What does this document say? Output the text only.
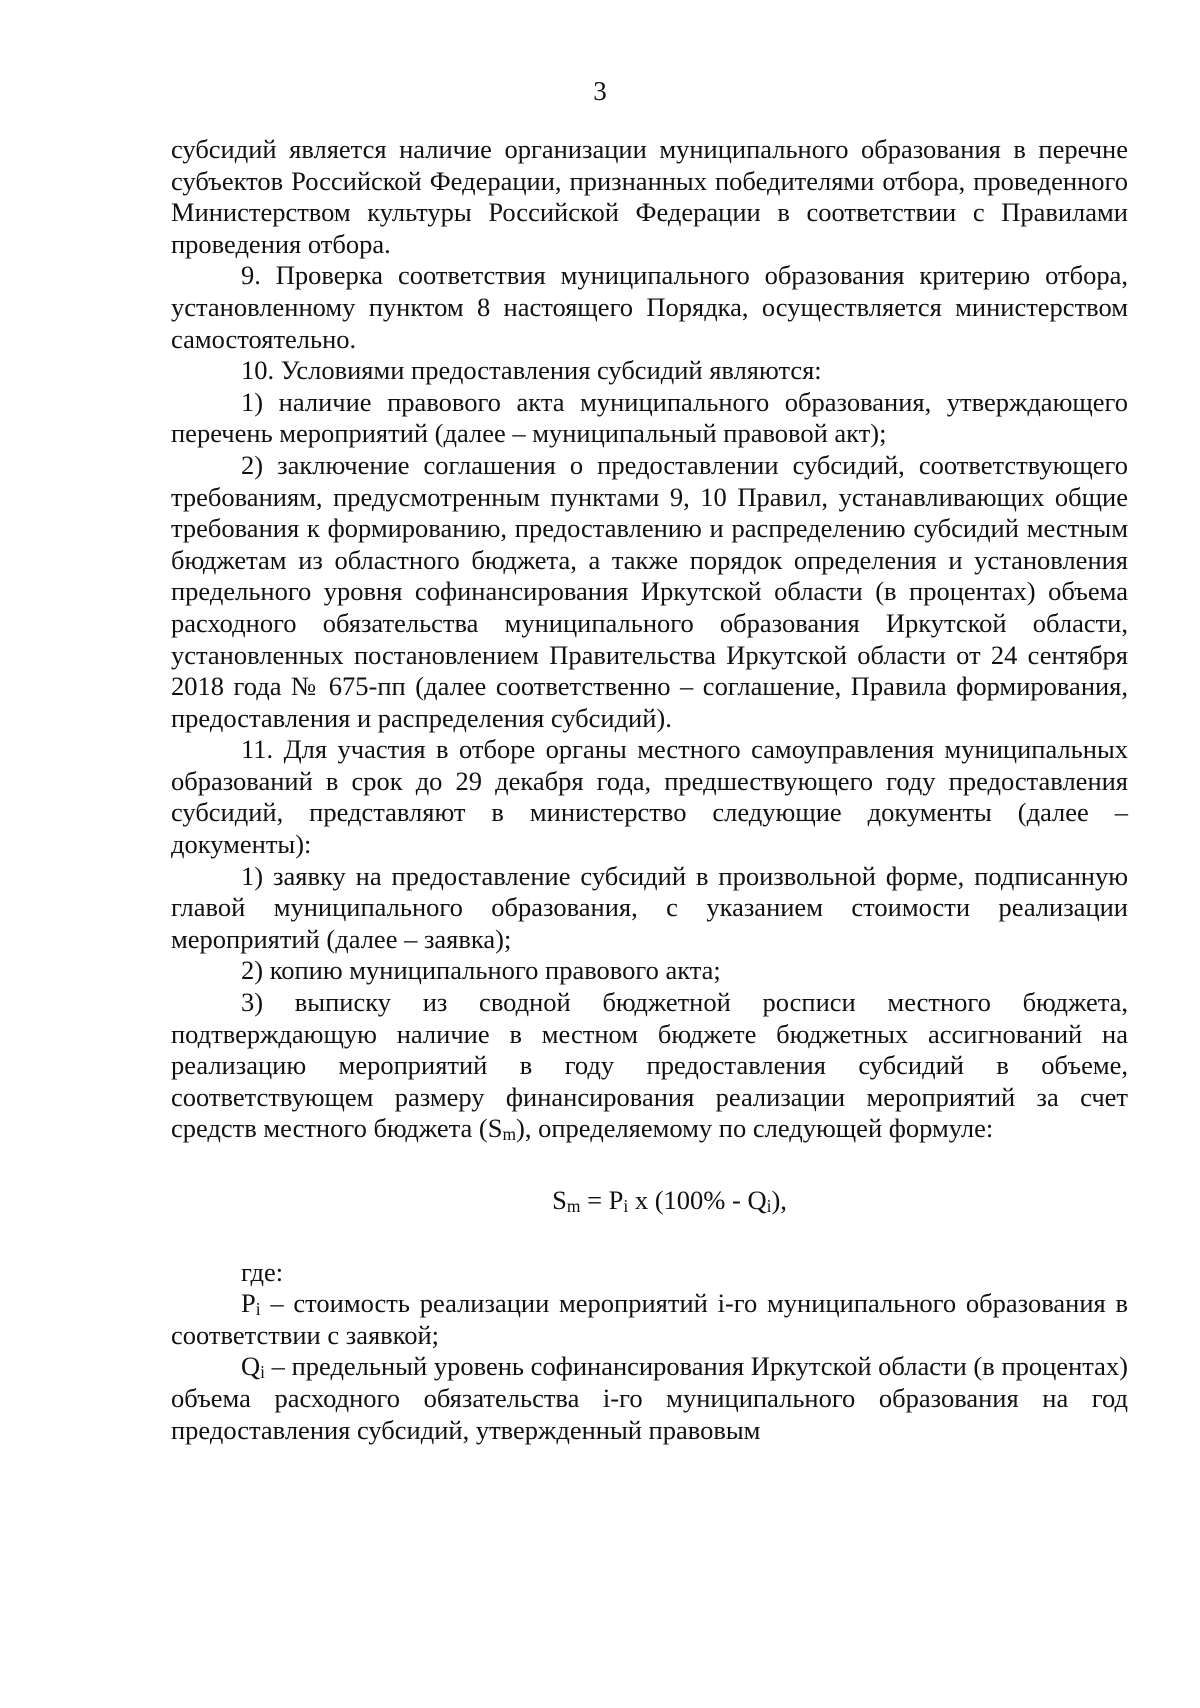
3

субсидий является наличие организации муниципального образования в перечне субъектов Российской Федерации, признанных победителями отбора, проведенного Министерством культуры Российской Федерации в соответствии с Правилами проведения отбора.

9. Проверка соответствия муниципального образования критерию отбора, установленному пунктом 8 настоящего Порядка, осуществляется министерством самостоятельно.

10. Условиями предоставления субсидий являются:

1) наличие правового акта муниципального образования, утверждающего перечень мероприятий (далее – муниципальный правовой акт);

2) заключение соглашения о предоставлении субсидий, соответствующего требованиям, предусмотренным пунктами 9, 10 Правил, устанавливающих общие требования к формированию, предоставлению и распределению субсидий местным бюджетам из областного бюджета, а также порядок определения и установления предельного уровня софинансирования Иркутской области (в процентах) объема расходного обязательства муниципального образования Иркутской области, установленных постановлением Правительства Иркутской области от 24 сентября 2018 года № 675-пп (далее соответственно – соглашение, Правила формирования, предоставления и распределения субсидий).

11. Для участия в отборе органы местного самоуправления муниципальных образований в срок до 29 декабря года, предшествующего году предоставления субсидий, представляют в министерство следующие документы (далее – документы):

1) заявку на предоставление субсидий в произвольной форме, подписанную главой муниципального образования, с указанием стоимости реализации мероприятий (далее – заявка);

2) копию муниципального правового акта;

3) выписку из сводной бюджетной росписи местного бюджета, подтверждающую наличие в местном бюджете бюджетных ассигнований на реализацию мероприятий в году предоставления субсидий в объеме, соответствующем размеру финансирования реализации мероприятий за счет средств местного бюджета $(S_m)$, определяемому по следующей формуле:

$S_m = P_i$ x $(100\% - Q_i)$,

где:

$P_i$ – стоимость реализации мероприятий i-го муниципального образования в соответствии с заявкой;

$Q_i$ – предельный уровень софинансирования Иркутской области (в процентах) объема расходного обязательства i-го муниципального образования на год предоставления субсидий, утвержденный правовым
